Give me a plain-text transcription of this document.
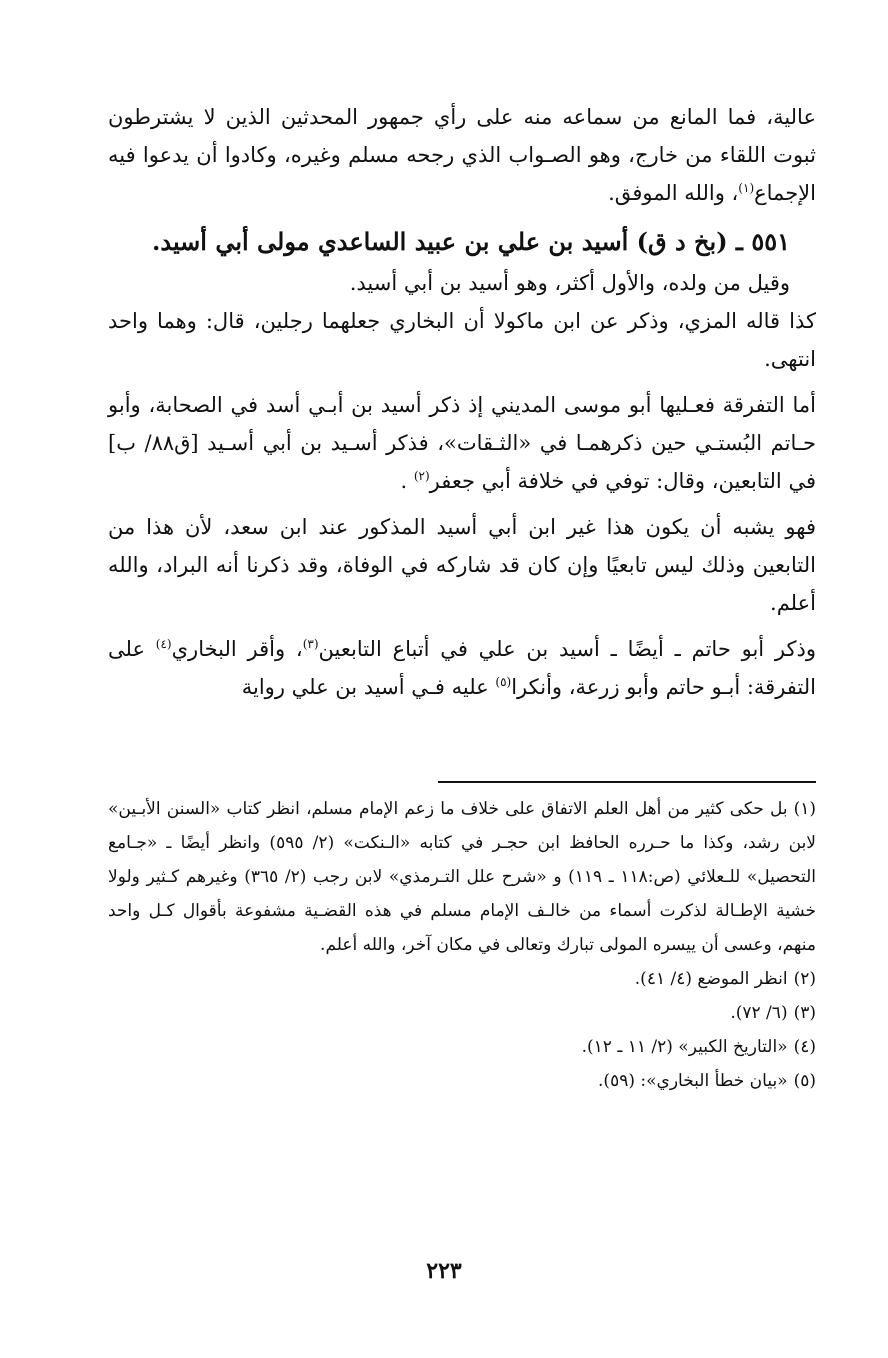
عالية، فما المانع من سماعه منه على رأي جمهور المحدثين الذين لا يشترطون ثبوت اللقاء من خارج، وهو الصـواب الذي رجحه مسلم وغيره، وكادوا أن يدعوا فيه الإجماع$^{(١)}$، والله الموفق.

٥٥١ ـ (بخ د ق) أسيد بن علي بن عبيد الساعدي مولى أبي أسيد.

وقيل من ولده، والأول أكثر، وهو أسيد بن أبي أسيد.

كذا قاله المزي، وذكر عن ابن ماكولا أن البخاري جعلهما رجلين، قال: وهما واحد انتهى.

أما التفرقة فعـليها أبو موسى المديني إذ ذكر أسيد بن أبـي أسد في الصحابة، وأبو حـاتم البُستـي حين ذكرهمـا في «الثـقات»، فذكر أسـيد بن أبي أسـيد [ق٨٨/ ب] في التابعين، وقال: توفي في خلافة أبي جعفر$^{(٢)}$ .

فهو يشبه أن يكون هذا غير ابن أبي أسيد المذكور عند ابن سعد، لأن هذا من التابعين وذلك ليس تابعيًا وإن كان قد شاركه في الوفاة، وقد ذكرنا أنه البراد، والله أعلم.

وذكر أبو حاتم ـ أيضًا ـ أسيد بن علي في أتباع التابعين$^{(٣)}$، وأقر البخاري$^{(٤)}$ على التفرقة: أبـو حاتم وأبو زرعة، وأنكرا$^{(٥)}$ عليه فـي أسيد بن علي رواية

(١)بل حكى كثير من أهل العلم الاتفاق على خلاف ما زعم الإمام مسلم، انظر كتاب «السنن الأبـين» لابن رشد، وكذا ما حـرره الحافظ ابن حجـر في كتابه «الـنكت» (٢/ ٥٩٥) وانظر أيضًا ـ «جـامع التحصيل» للـعلائي (ص:١١٨ ـ ١١٩) و «شرح علل التـرمذي» لابن رجب (٢/ ٣٦٥) وغيرهم كـثير ولولا خشية الإطـالة لذكرت أسماء من خالـف الإمام مسلم في هذه القضـية مشفوعة بأقوال كـل واحد منهم، وعسى أن ييسره المولى تبارك وتعالى في مكان آخر، والله أعلم.

(٢)انظر الموضع (٤/ ٤١).

(٣)(٦/ ٧٢).

(٤)«التاريخ الكبير» (٢/ ١١ ـ ١٢).

(٥)«بيان خطأ البخاري»: (٥٩).

٢٢٣
